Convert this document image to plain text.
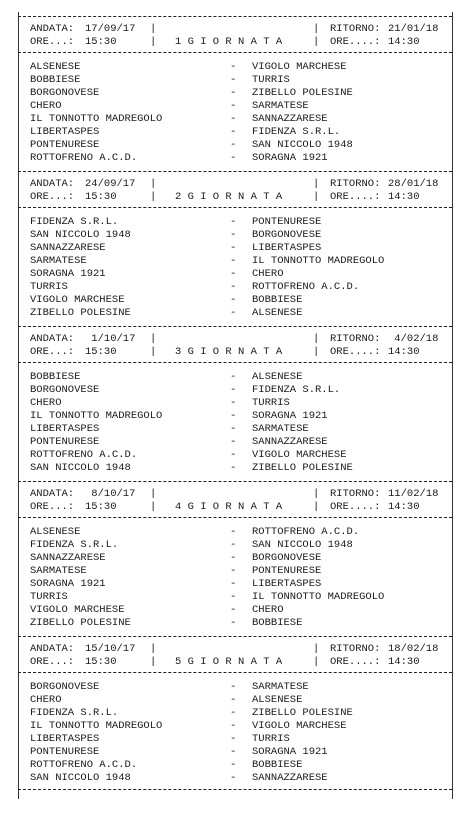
ANDATA: 17/09/17 |	| RITORNO: 21/01/18
ORE...: 15:30	| 1 G I O R N A T A	| ORE....: 14:30
ALSENESE	- VIGOLO MARCHESE
BOBBIESE	- TURRIS
BORGONOVESE	- ZIBELLO POLESINE
CHERO	- SARMATESE
IL TONNOTTO MADREGOLO	- SANNAZZARESE
LIBERTASPES	- FIDENZA S.R.L.
PONTENURESE	- SAN NICCOLO 1948
ROTTOFRENO A.C.D.	- SORAGNA 1921
ANDATA: 24/09/17 |	| RITORNO: 28/01/18
ORE...: 15:30	| 2 G I O R N A T A	| ORE....: 14:30
FIDENZA S.R.L.	- PONTENURESE
SAN NICCOLO 1948	- BORGONOVESE
SANNAZZARESE	- LIBERTASPES
SARMATESE	- IL TONNOTTO MADREGOLO
SORAGNA 1921	- CHERO
TURRIS	- ROTTOFRENO A.C.D.
VIGOLO MARCHESE	- BOBBIESE
ZIBELLO POLESINE	- ALSENESE
ANDATA: 1/10/17 |	| RITORNO: 4/02/18
ORE...: 15:30	| 3 G I O R N A T A	| ORE....: 14:30
BOBBIESE	- ALSENESE
BORGONOVESE	- FIDENZA S.R.L.
CHERO	- TURRIS
IL TONNOTTO MADREGOLO	- SORAGNA 1921
LIBERTASPES	- SARMATESE
PONTENURESE	- SANNAZZARESE
ROTTOFRENO A.C.D.	- VIGOLO MARCHESE
SAN NICCOLO 1948	- ZIBELLO POLESINE
ANDATA: 8/10/17 |	| RITORNO: 11/02/18
ORE...: 15:30	| 4 G I O R N A T A	| ORE....: 14:30
ALSENESE	- ROTTOFRENO A.C.D.
FIDENZA S.R.L.	- SAN NICCOLO 1948
SANNAZZARESE	- BORGONOVESE
SARMATESE	- PONTENURESE
SORAGNA 1921	- LIBERTASPES
TURRIS	- IL TONNOTTO MADREGOLO
VIGOLO MARCHESE	- CHERO
ZIBELLO POLESINE	- BOBBIESE
ANDATA: 15/10/17 |	| RITORNO: 18/02/18
ORE...: 15:30	| 5 G I O R N A T A	| ORE....: 14:30
BORGONOVESE	- SARMATESE
CHERO	- ALSENESE
FIDENZA S.R.L.	- ZIBELLO POLESINE
IL TONNOTTO MADREGOLO	- VIGOLO MARCHESE
LIBERTASPES	- TURRIS
PONTENURESE	- SORAGNA 1921
ROTTOFRENO A.C.D.	- BOBBIESE
SAN NICCOLO 1948	- SANNAZZARESE
